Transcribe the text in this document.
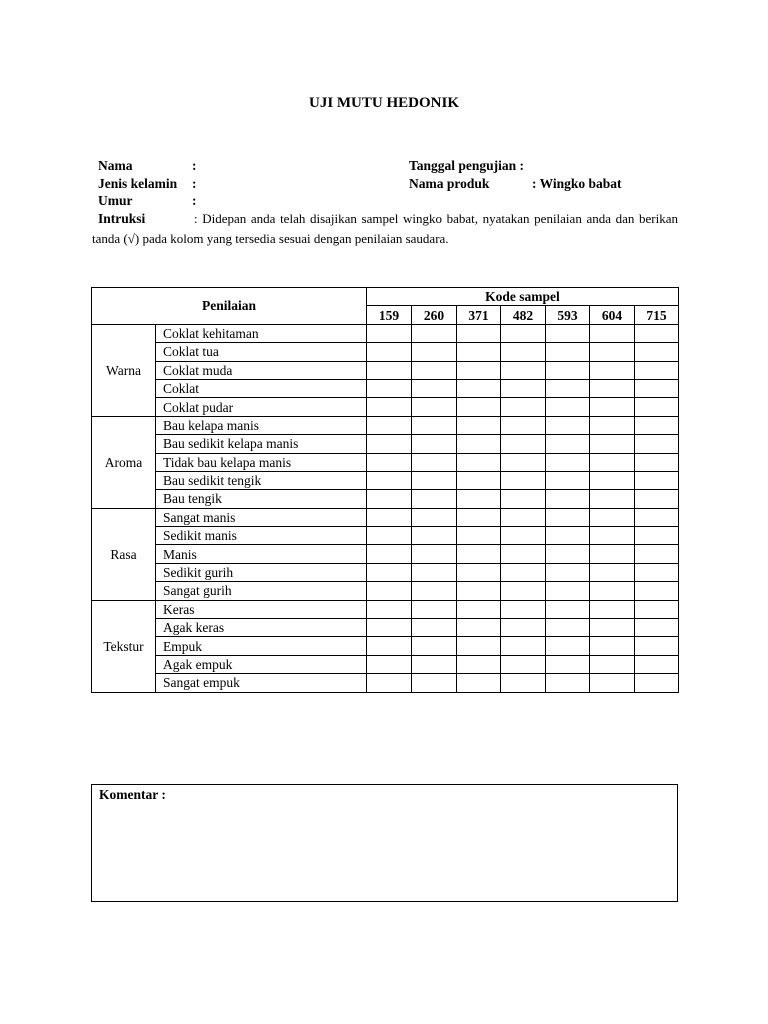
UJI MUTU HEDONIK
Nama	:
Jenis kelamin :
Umur	:
Tanggal pengujian :
Nama produk	: Wingko babat
Intruksi	: Didepan anda telah disajikan sampel wingko babat, nyatakan penilaian anda dan berikan tanda (√) pada kolom yang tersedia sesuai dengan penilaian saudara.
Penilaian		Kode sampel						
		159	260	371	482	593	604	715
Warna	Coklat kehitaman							
	Coklat tua							
	Coklat muda							
	Coklat							
	Coklat pudar							
Aroma	Bau kelapa manis							
	Bau sedikit kelapa manis							
	Tidak bau kelapa manis							
	Bau sedikit tengik							
	Bau tengik							
Rasa	Sangat manis							
	Sedikit manis							
	Manis							
	Sedikit gurih							
	Sangat gurih							
Tekstur	Keras							
	Agak keras							
	Empuk							
	Agak empuk							
	Sangat empuk							
Komentar :
